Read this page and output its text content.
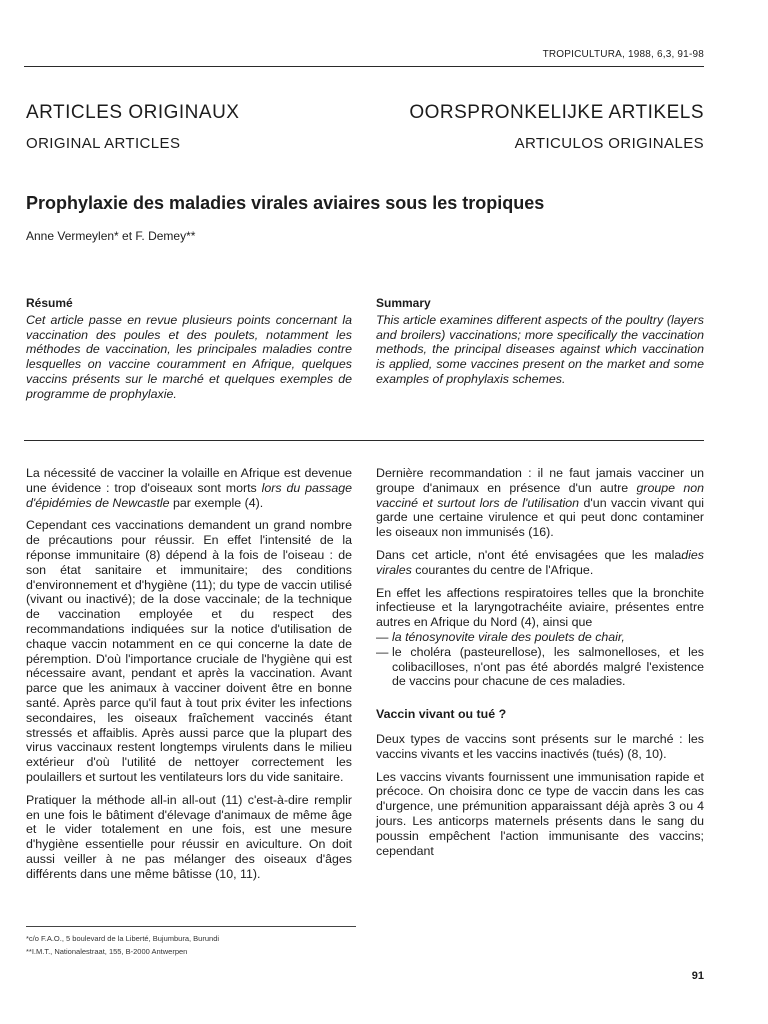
TROPICULTURA, 1988, 6,3, 91-98
ARTICLES ORIGINAUX
ORIGINAL ARTICLES
OORSPRONKELIJKE ARTIKELS
ARTICULOS ORIGINALES
Prophylaxie des maladies virales aviaires sous les tropiques
Anne Vermeylen* et F. Demey**
Résumé
Cet article passe en revue plusieurs points concernant la vaccination des poules et des poulets, notamment les méthodes de vaccination, les principales maladies contre lesquelles on vaccine couramment en Afrique, quelques vaccins présents sur le marché et quelques exemples de programme de prophylaxie.
Summary
This article examines different aspects of the poultry (layers and broilers) vaccinations; more specifically the vaccination methods, the principal diseases against which vaccination is applied, some vaccines present on the market and some examples of prophylaxis schemes.

La nécessité de vacciner la volaille en Afrique est devenue une évidence : trop d'oiseaux sont morts lors du passage d'épidémies de Newcastle par exemple (4).

Cependant ces vaccinations demandent un grand nombre de précautions pour réussir. En effet l'intensité de la réponse immunitaire (8) dépend à la fois de l'oiseau : de son état sanitaire et immunitaire; des conditions d'environnement et d'hygiène (11); du type de vaccin utilisé (vivant ou inactivé); de la dose vaccinale; de la technique de vaccination employée et du respect des recommandations indiquées sur la notice d'utilisation de chaque vaccin notamment en ce qui concerne la date de péremption. D'où l'importance cruciale de l'hygiène qui est nécessaire avant, pendant et après la vaccination. Avant parce que les animaux à vacciner doivent être en bonne santé. Après parce qu'il faut à tout prix éviter les infections secondaires, les oiseaux fraîchement vaccinés étant stressés et affaiblis. Après aussi parce que la plupart des virus vaccinaux restent longtemps virulents dans le milieu extérieur d'où l'utilité de nettoyer correctement les poulaillers et surtout les ventilateurs lors du vide sanitaire.

Pratiquer la méthode all-in all-out (11) c'est-à-dire remplir en une fois le bâtiment d'élevage d'animaux de même âge et le vider totalement en une fois, est une mesure d'hygiène essentielle pour réussir en aviculture. On doit aussi veiller à ne pas mélanger des oiseaux d'âges différents dans une même bâtisse (10, 11).

Dernière recommandation : il ne faut jamais vacciner un groupe d'animaux en présence d'un autre groupe non vacciné et surtout lors de l'utilisation d'un vaccin vivant qui garde une certaine virulence et qui peut donc contaminer les oiseaux non immunisés (16).

Dans cet article, n'ont été envisagées que les maladies virales courantes du centre de l'Afrique.

En effet les affections respiratoires telles que la bronchite infectieuse et la laryngotrachéite aviaire, présentes entre autres en Afrique du Nord (4), ainsi que

— la ténosynovite virale des poulets de chair,
— le choléra (pasteurellose), les salmonelloses, et les colibacilloses, n'ont pas été abordés malgré l'existence de vaccins pour chacune de ces maladies.
Vaccin vivant ou tué ?

Deux types de vaccins sont présents sur le marché : les vaccins vivants et les vaccins inactivés (tués) (8, 10).

Les vaccins vivants fournissent une immunisation rapide et précoce. On choisira donc ce type de vaccin dans les cas d'urgence, une prémunition apparaissant déjà après 3 ou 4 jours. Les anticorps maternels présents dans le sang du poussin empêchent l'action immunisante des vaccins; cependant

*c/o F.A.O., 5 boulevard de la Liberté, Bujumbura, Burundi
**I.M.T., Nationalestraat, 155, B-2000 Antwerpen
91
